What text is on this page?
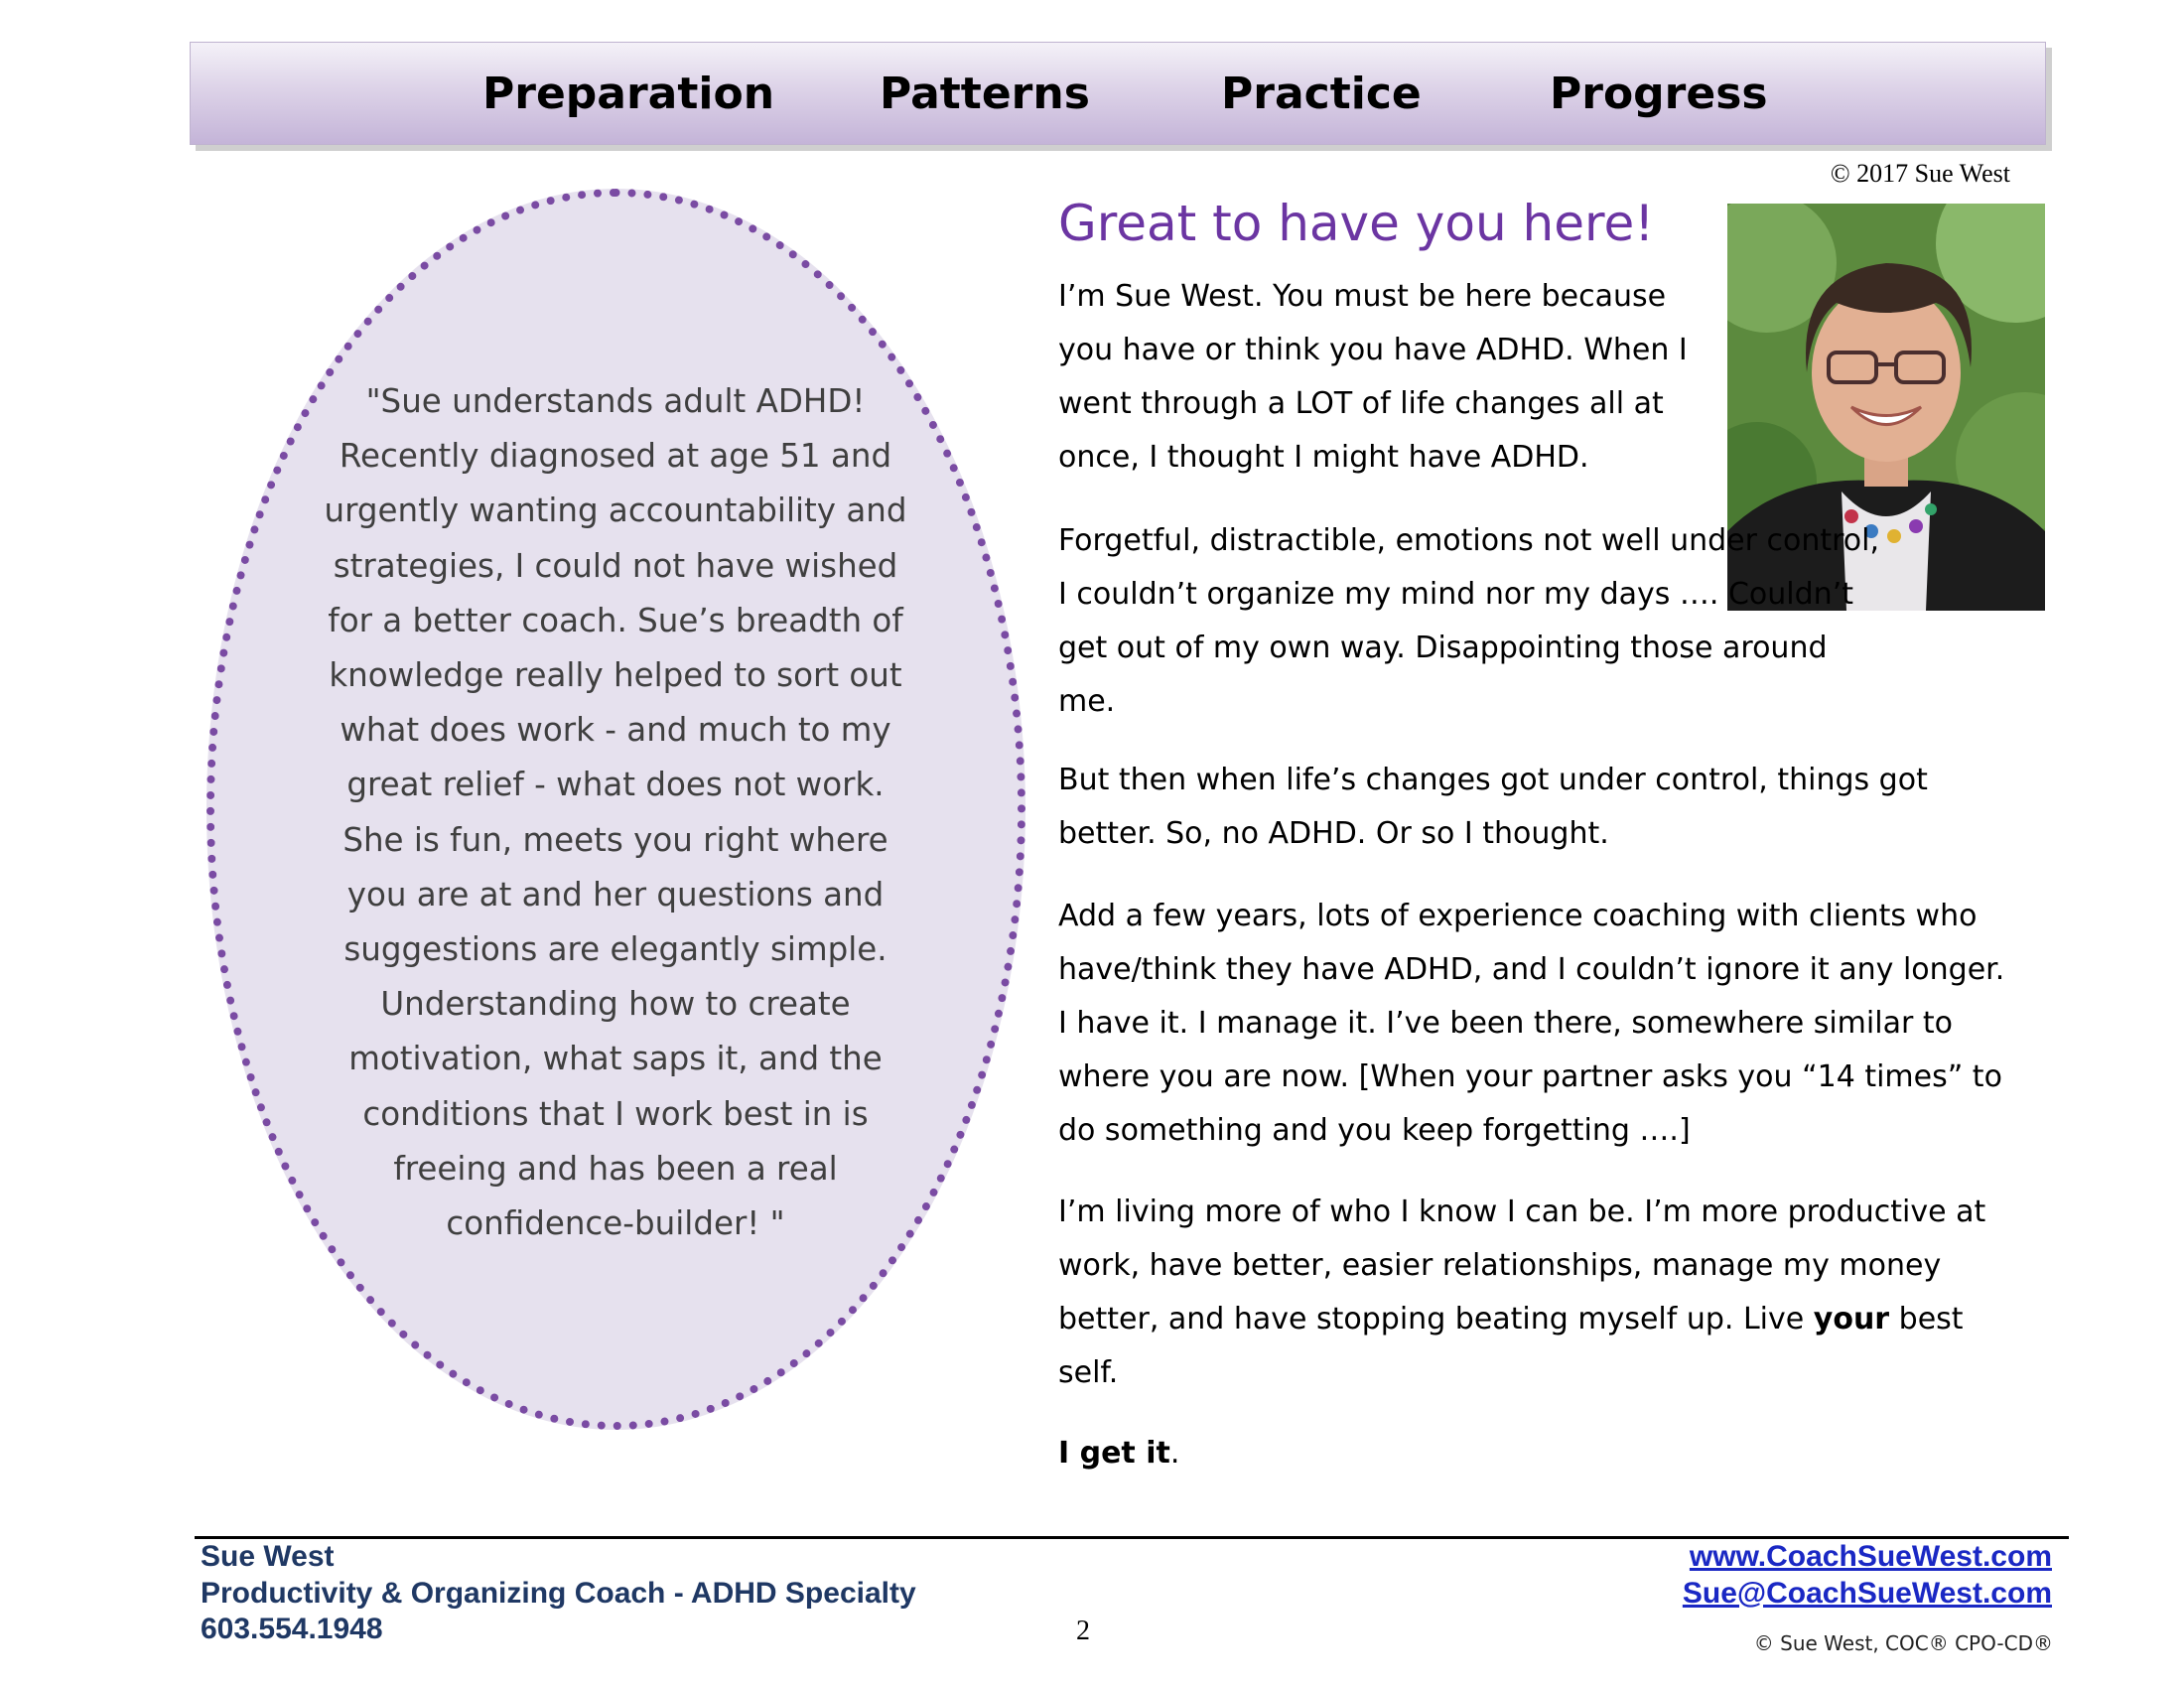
Preparation Patterns	Practice	Progress
© 2017 Sue West
"Sue understands adult ADHD!
Recently diagnosed at age 51 and
urgently wanting accountability and
strategies, I could not have wished
for a better coach. Sue’s breadth of
knowledge really helped to sort out
what does work - and much to my
great relief - what does not work.
She is fun, meets you right where
you are at and her questions and
suggestions are elegantly simple.
Understanding how to create
motivation, what saps it, and the
conditions that I work best in is
freeing and has been a real
confidence-builder! "
Great to have you here!

I’m Sue West. You must be here because you have or think you have ADHD. When I went through a LOT of life changes all at once, I thought I might have ADHD.

Forgetful, distractible, emotions not well under control, I couldn’t organize my mind nor my days …. Couldn’t get out of my own way. Disappointing those around me.

But then when life’s changes got under control, things got better. So, no ADHD. Or so I thought.

Add a few years, lots of experience coaching with clients who have/think they have ADHD, and I couldn’t ignore it any longer. I have it. I manage it. I’ve been there, somewhere similar to where you are now. [When your partner asks you “14 times” to do something and you keep forgetting ….]

I’m living more of who I know I can be. I’m more productive at work, have better, easier relationships, manage my money better, and have stopping beating myself up. Live your best self.

I get it.

Sue West
Productivity & Organizing Coach - ADHD Specialty
603.554.1948	2
www.CoachSueWest.com
Sue@CoachSueWest.com
© Sue West, COC® CPO-CD®
